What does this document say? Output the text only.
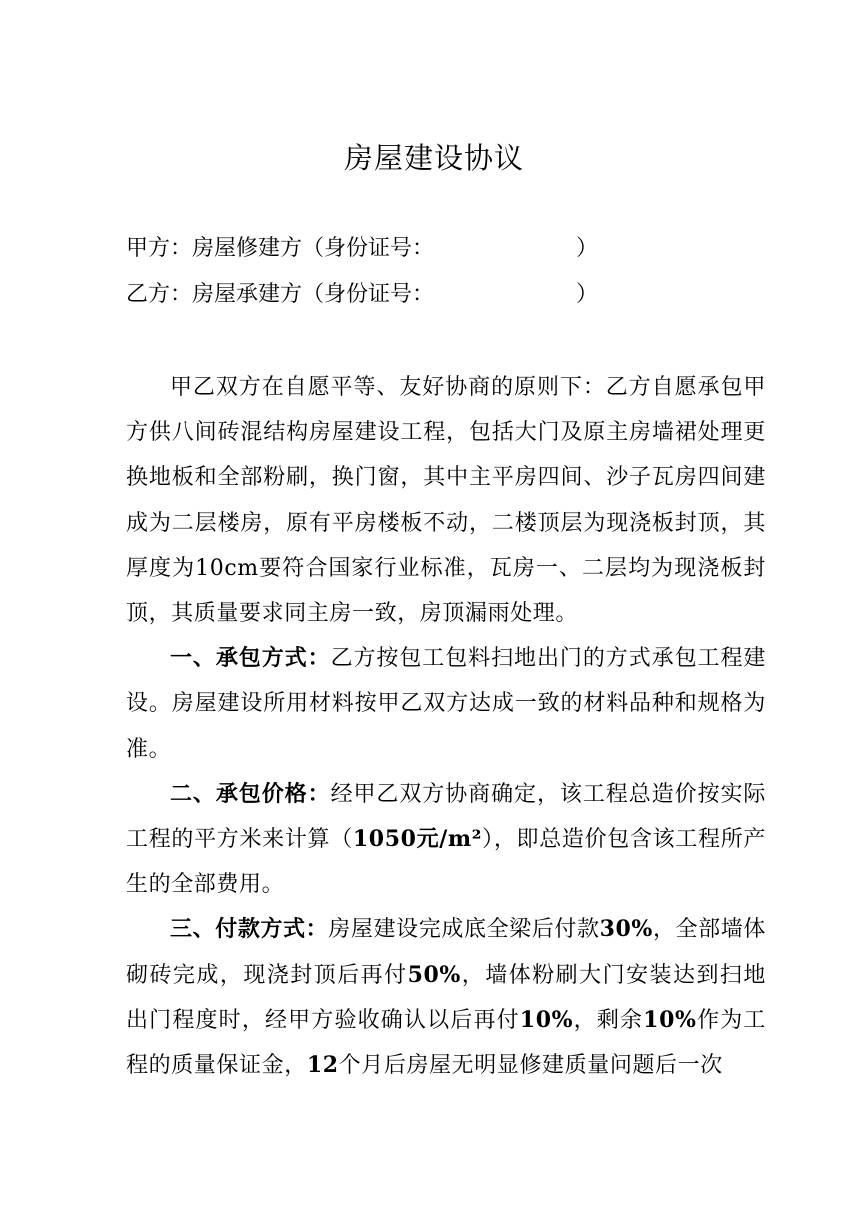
房屋建设协议
甲方：房屋修建方（身份证号：	）
乙方：房屋承建方（身份证号：	）

甲乙双方在自愿平等、友好协商的原则下：乙方自愿承包甲方供八间砖混结构房屋建设工程，包括大门及原主房墙裙处理更换地板和全部粉刷，换门窗，其中主平房四间、沙子瓦房四间建成为二层楼房，原有平房楼板不动，二楼顶层为现浇板封顶，其厚度为10cm要符合国家行业标准，瓦房一、二层均为现浇板封顶，其质量要求同主房一致，房顶漏雨处理。

一、承包方式：乙方按包工包料扫地出门的方式承包工程建设。房屋建设所用材料按甲乙双方达成一致的材料品种和规格为准。

二、承包价格：经甲乙双方协商确定，该工程总造价按实际工程的平方米来计算（1050元/m²），即总造价包含该工程所产生的全部费用。

三、付款方式：房屋建设完成底全梁后付款30%，全部墙体砌砖完成，现浇封顶后再付50%，墙体粉刷大门安装达到扫地出门程度时，经甲方验收确认以后再付10%，剩余10%作为工程的质量保证金，12个月后房屋无明显修建质量问题后一次
